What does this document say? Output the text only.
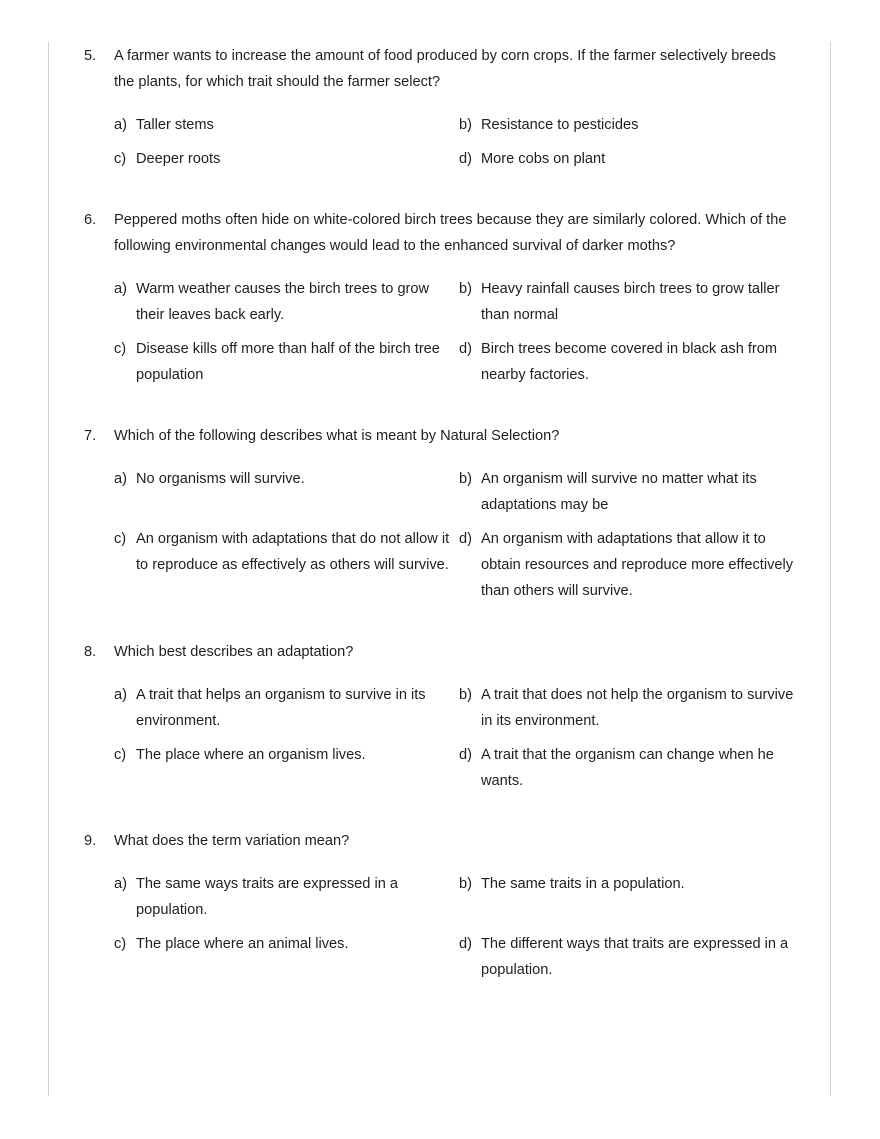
5.	A farmer wants to increase the amount of food produced by corn crops. If the farmer selectively breeds the plants, for which trait should the farmer select?
a) Taller stems	b) Resistance to pesticides
c) Deeper roots	d) More cobs on plant
6.	Peppered moths often hide on white-colored birch trees because they are similarly colored. Which of the following environmental changes would lead to the enhanced survival of darker moths?
a) Warm weather causes the birch trees to grow their leaves back early.
b) Heavy rainfall causes birch trees to grow taller than normal
c) Disease kills off more than half of the birch tree population
d) Birch trees become covered in black ash from nearby factories.
7.	Which of the following describes what is meant by Natural Selection?
a) No organisms will survive.	b) An organism will survive no matter what its adaptations may be
c) An organism with adaptations that do not allow it to reproduce as effectively as others will survive.
d) An organism with adaptations that allow it to obtain resources and reproduce more effectively than others will survive.
8.	Which best describes an adaptation?
a) A trait that helps an organism to survive in its environment.
b) A trait that does not help the organism to survive in its environment.
c) The place where an organism lives.	d) A trait that the organism can change when he wants.
9.	What does the term variation mean?
a) The same ways traits are expressed in a population.
b) The same traits in a population.
c) The place where an animal lives.	d) The different ways that traits are expressed in a population.
